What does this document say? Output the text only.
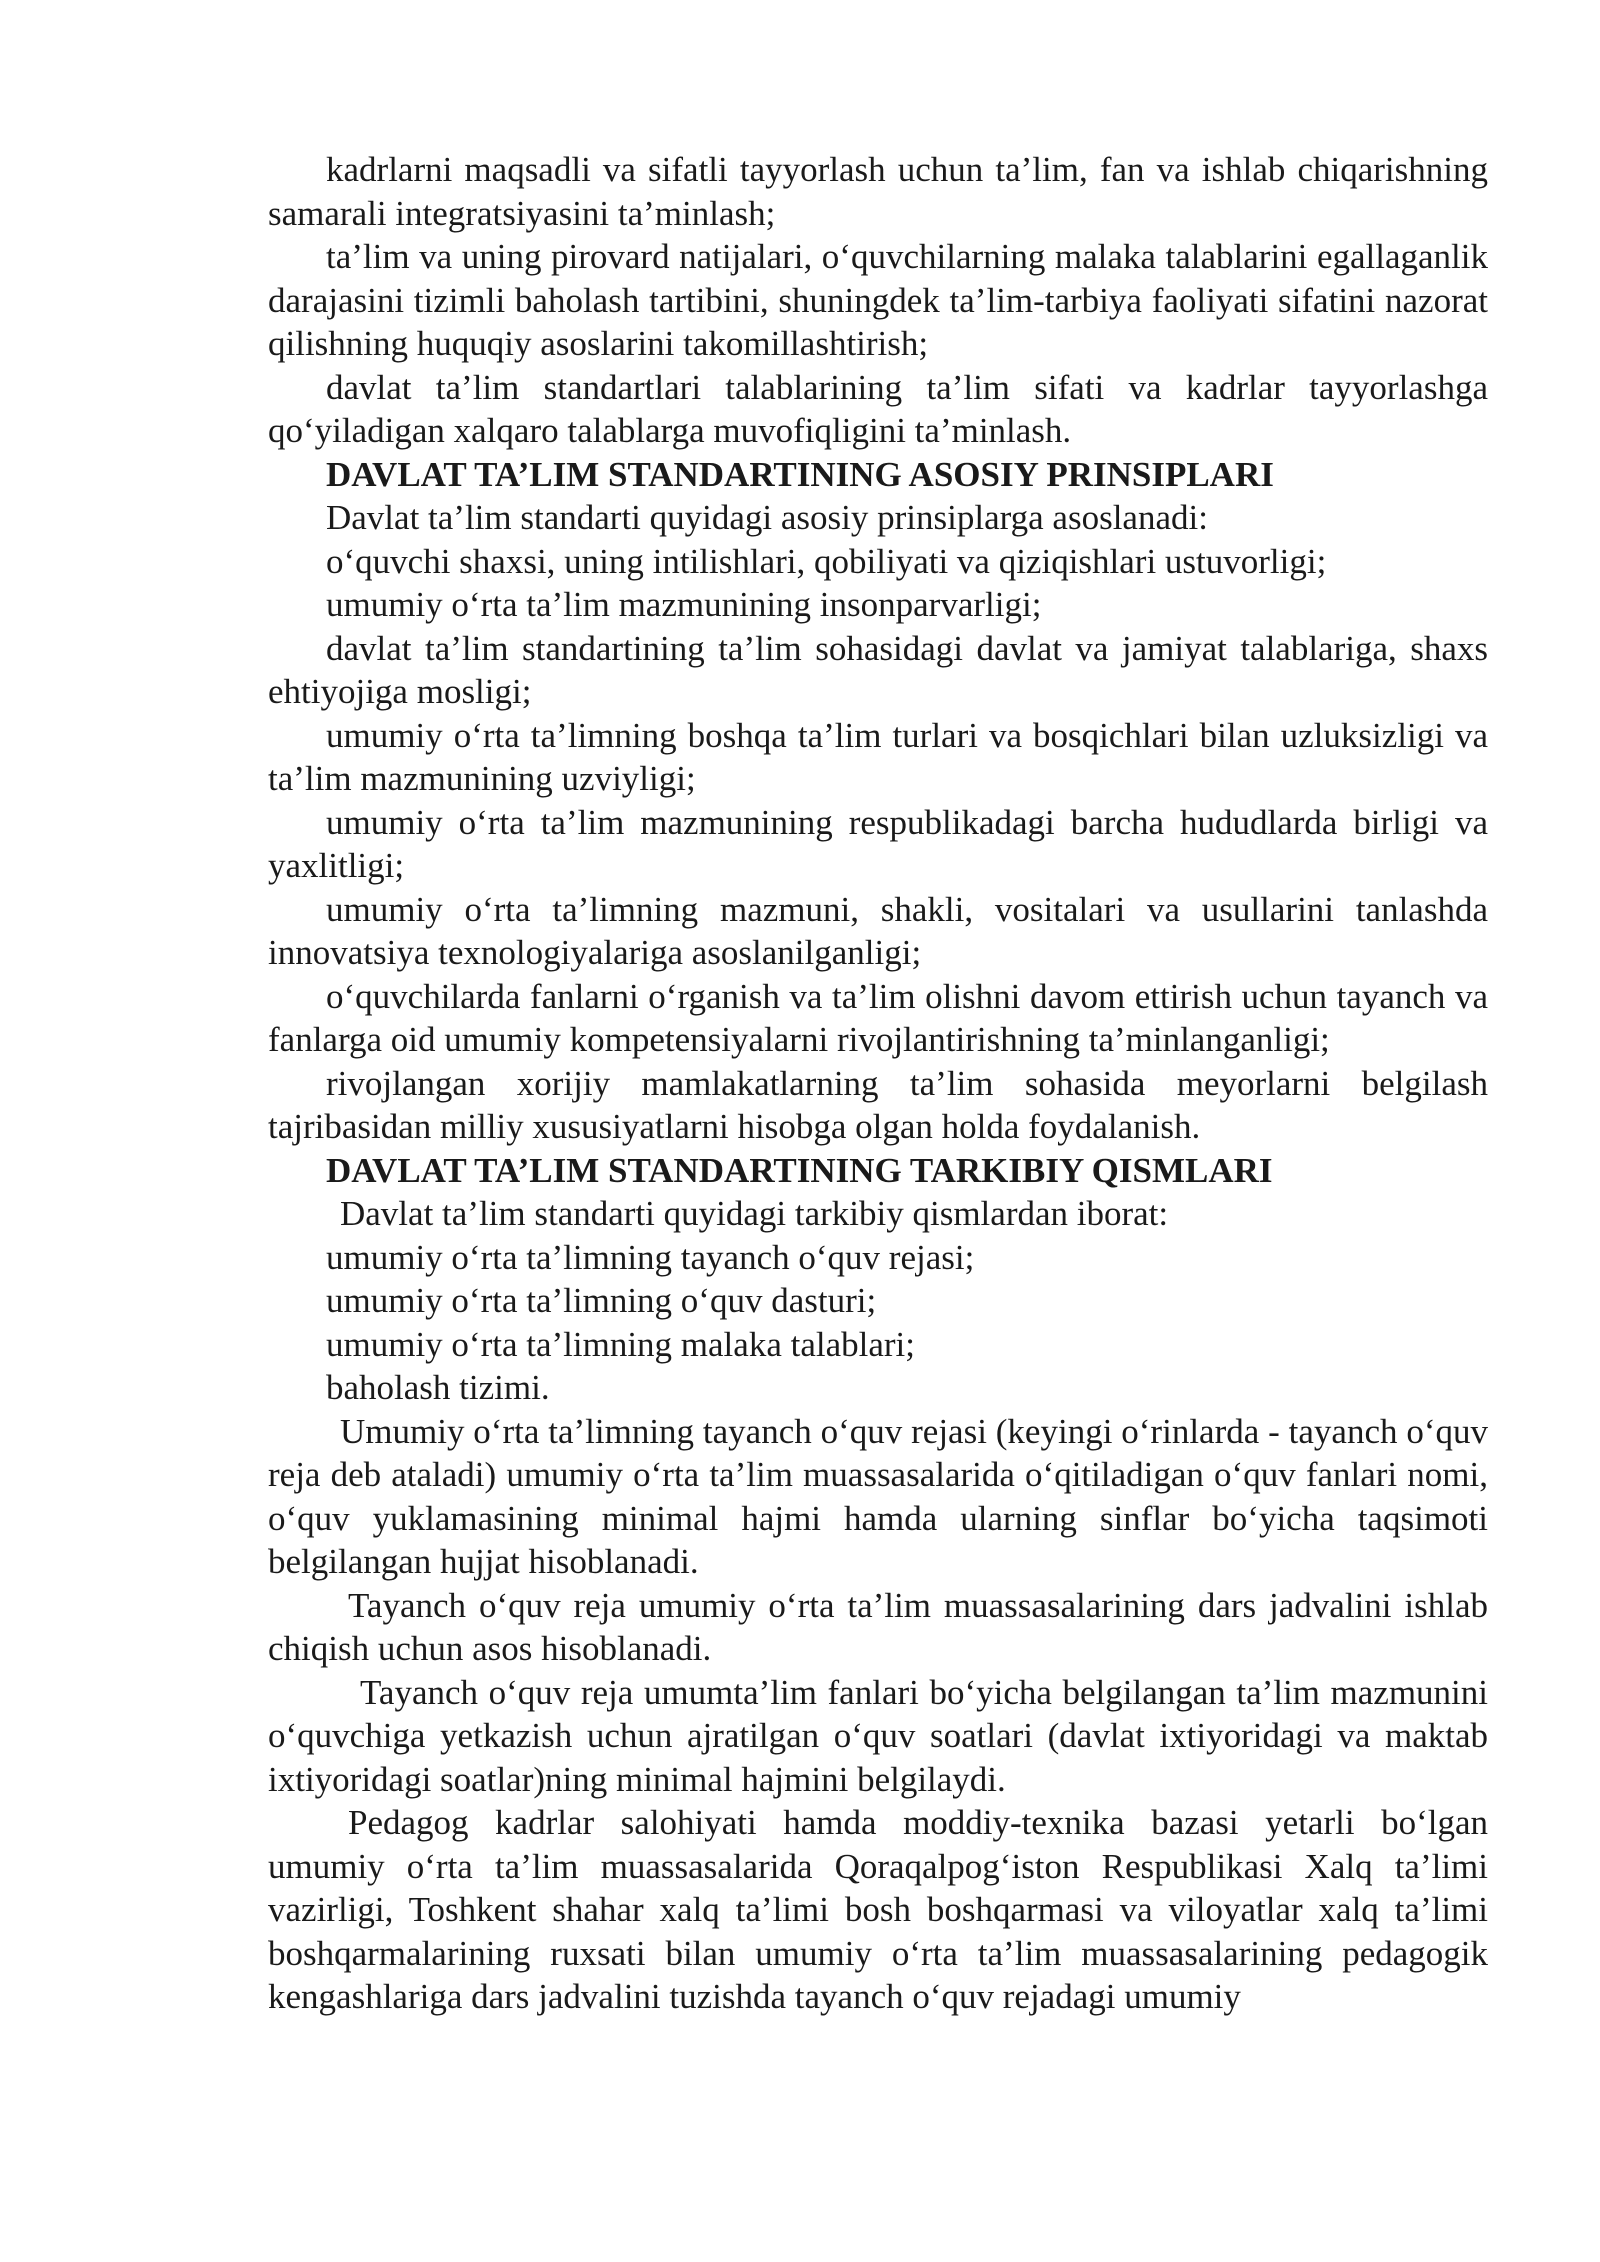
kadrlarni maqsadli va sifatli tayyorlash uchun ta’lim, fan va ishlab chiqarishning samarali integratsiyasini ta’minlash;

ta’lim va uning pirovard natijalari, o‘quvchilarning malaka talablarini egallaganlik darajasini tizimli baholash tartibini, shuningdek ta’lim-tarbiya faoliyati sifatini nazorat qilishning huquqiy asoslarini takomillashtirish;

davlat ta’lim standartlari talablarining ta’lim sifati va kadrlar tayyorlashga qo‘yiladigan xalqaro talablarga muvofiqligini ta’minlash.

DAVLAT TA’LIM STANDARTINING ASOSIY PRINSIPLARI

Davlat ta’lim standarti quyidagi asosiy prinsiplarga asoslanadi:

o‘quvchi shaxsi, uning intilishlari, qobiliyati va qiziqishlari ustuvorligi;

umumiy o‘rta ta’lim mazmunining insonparvarligi;

davlat ta’lim standartining ta’lim sohasidagi davlat va jamiyat talablariga, shaxs ehtiyojiga mosligi;

umumiy o‘rta ta’limning boshqa ta’lim turlari va bosqichlari bilan uzluksizligi va ta’lim mazmunining uzviyligi;

umumiy o‘rta ta’lim mazmunining respublikadagi barcha hududlarda birligi va yaxlitligi;

umumiy o‘rta ta’limning mazmuni, shakli, vositalari va usullarini tanlashda innovatsiya texnologiyalariga asoslanilganligi;

o‘quvchilarda fanlarni o‘rganish va ta’lim olishni davom ettirish uchun tayanch va fanlarga oid umumiy kompetensiyalarni rivojlantirishning ta’minlanganligi;

rivojlangan xorijiy mamlakatlarning ta’lim sohasida meyorlarni belgilash tajribasidan milliy xususiyatlarni hisobga olgan holda foydalanish.

DAVLAT TA’LIM STANDARTINING TARKIBIY QISMLARI

Davlat ta’lim standarti quyidagi tarkibiy qismlardan iborat:

umumiy o‘rta ta’limning tayanch o‘quv rejasi;

umumiy o‘rta ta’limning o‘quv dasturi;

umumiy o‘rta ta’limning malaka talablari;

baholash tizimi.

Umumiy o‘rta ta’limning tayanch o‘quv rejasi (keyingi o‘rinlarda - tayanch o‘quv reja deb ataladi) umumiy o‘rta ta’lim muassasalarida o‘qitiladigan o‘quv fanlari nomi, o‘quv yuklamasining minimal hajmi hamda ularning sinflar bo‘yicha taqsimoti belgilangan hujjat hisoblanadi.

Tayanch o‘quv reja umumiy o‘rta ta’lim muassasalarining dars jadvalini ishlab chiqish uchun asos hisoblanadi.

Tayanch o‘quv reja umumta’lim fanlari bo‘yicha belgilangan ta’lim mazmunini o‘quvchiga yetkazish uchun ajratilgan o‘quv soatlari (davlat ixtiyoridagi va maktab ixtiyoridagi soatlar)ning minimal hajmini belgilaydi.

Pedagog kadrlar salohiyati hamda moddiy-texnika bazasi yetarli bo‘lgan umumiy o‘rta ta’lim muassasalarida Qoraqalpog‘iston Respublikasi Xalq ta’limi vazirligi, Toshkent shahar xalq ta’limi bosh boshqarmasi va viloyatlar xalq ta’limi boshqarmalarining ruxsati bilan umumiy o‘rta ta’lim muassasalarining pedagogik kengashlariga dars jadvalini tuzishda tayanch o‘quv rejadagi umumiy
